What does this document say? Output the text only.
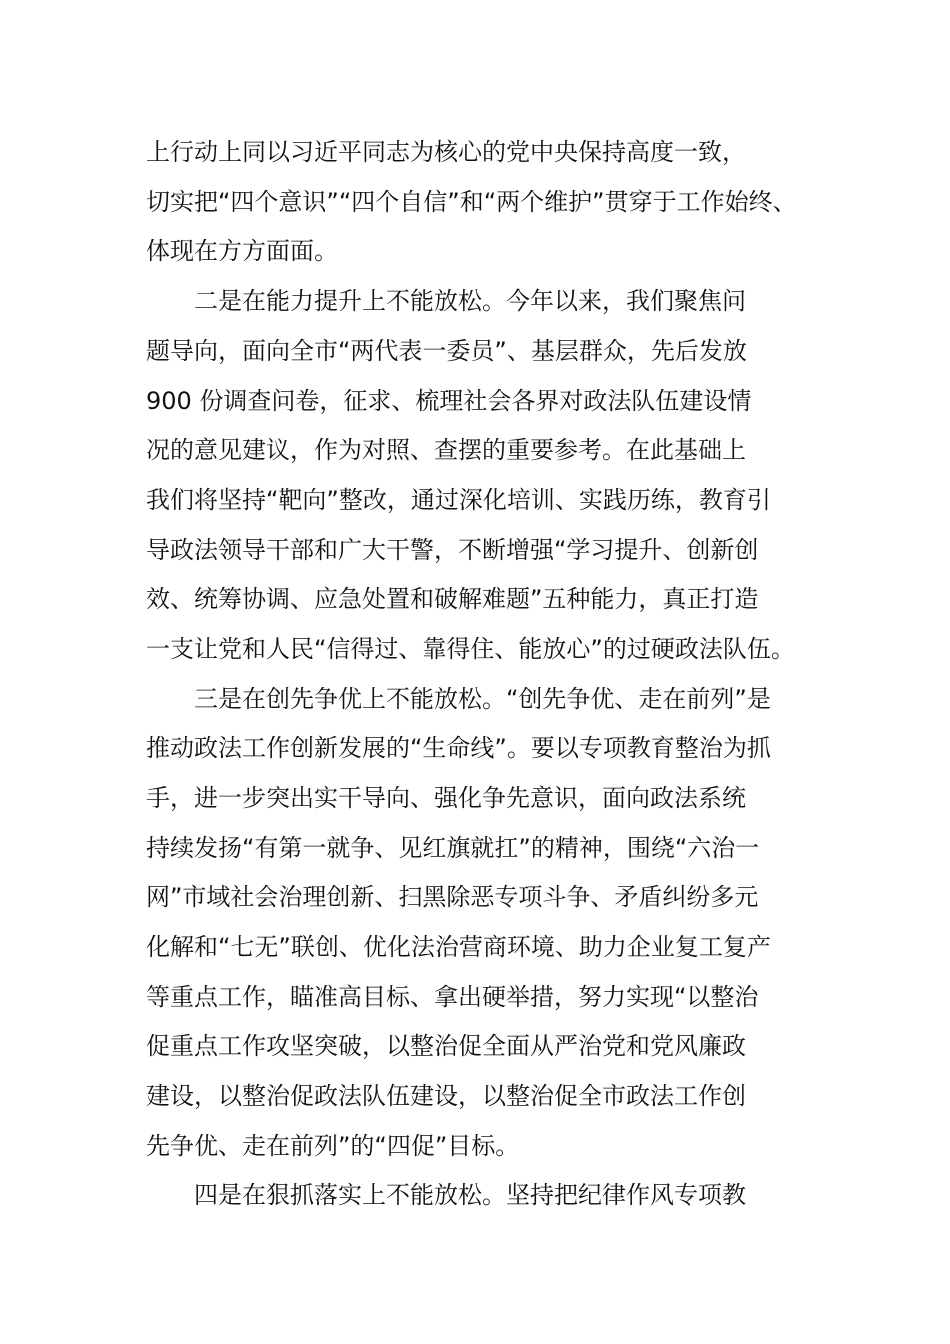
上行动上同以习近平同志为核心的党中央保持高度一致，
切实把“四个意识”“四个自信”和“两个维护”贯穿于工作始终、
体现在方方面面。
二是在能力提升上不能放松。今年以来，我们聚焦问
题导向，面向全市“两代表一委员”、基层群众，先后发放
900 份调查问卷，征求、梳理社会各界对政法队伍建设情
况的意见建议，作为对照、查摆的重要参考。在此基础上
我们将坚持“靶向”整改，通过深化培训、实践历练，教育引
导政法领导干部和广大干警，不断增强“学习提升、创新创
效、统筹协调、应急处置和破解难题”五种能力，真正打造
一支让党和人民“信得过、靠得住、能放心”的过硬政法队伍。
三是在创先争优上不能放松。“创先争优、走在前列”是
推动政法工作创新发展的“生命线”。要以专项教育整治为抓
手，进一步突出实干导向、强化争先意识，面向政法系统
持续发扬“有第一就争、见红旗就扛”的精神，围绕“六治一
网”市域社会治理创新、扫黑除恶专项斗争、矛盾纠纷多元
化解和“七无”联创、优化法治营商环境、助力企业复工复产
等重点工作，瞄准高目标、拿出硬举措，努力实现“以整治
促重点工作攻坚突破，以整治促全面从严治党和党风廉政
建设，以整治促政法队伍建设，以整治促全市政法工作创
先争优、走在前列”的“四促”目标。
四是在狠抓落实上不能放松。坚持把纪律作风专项教
